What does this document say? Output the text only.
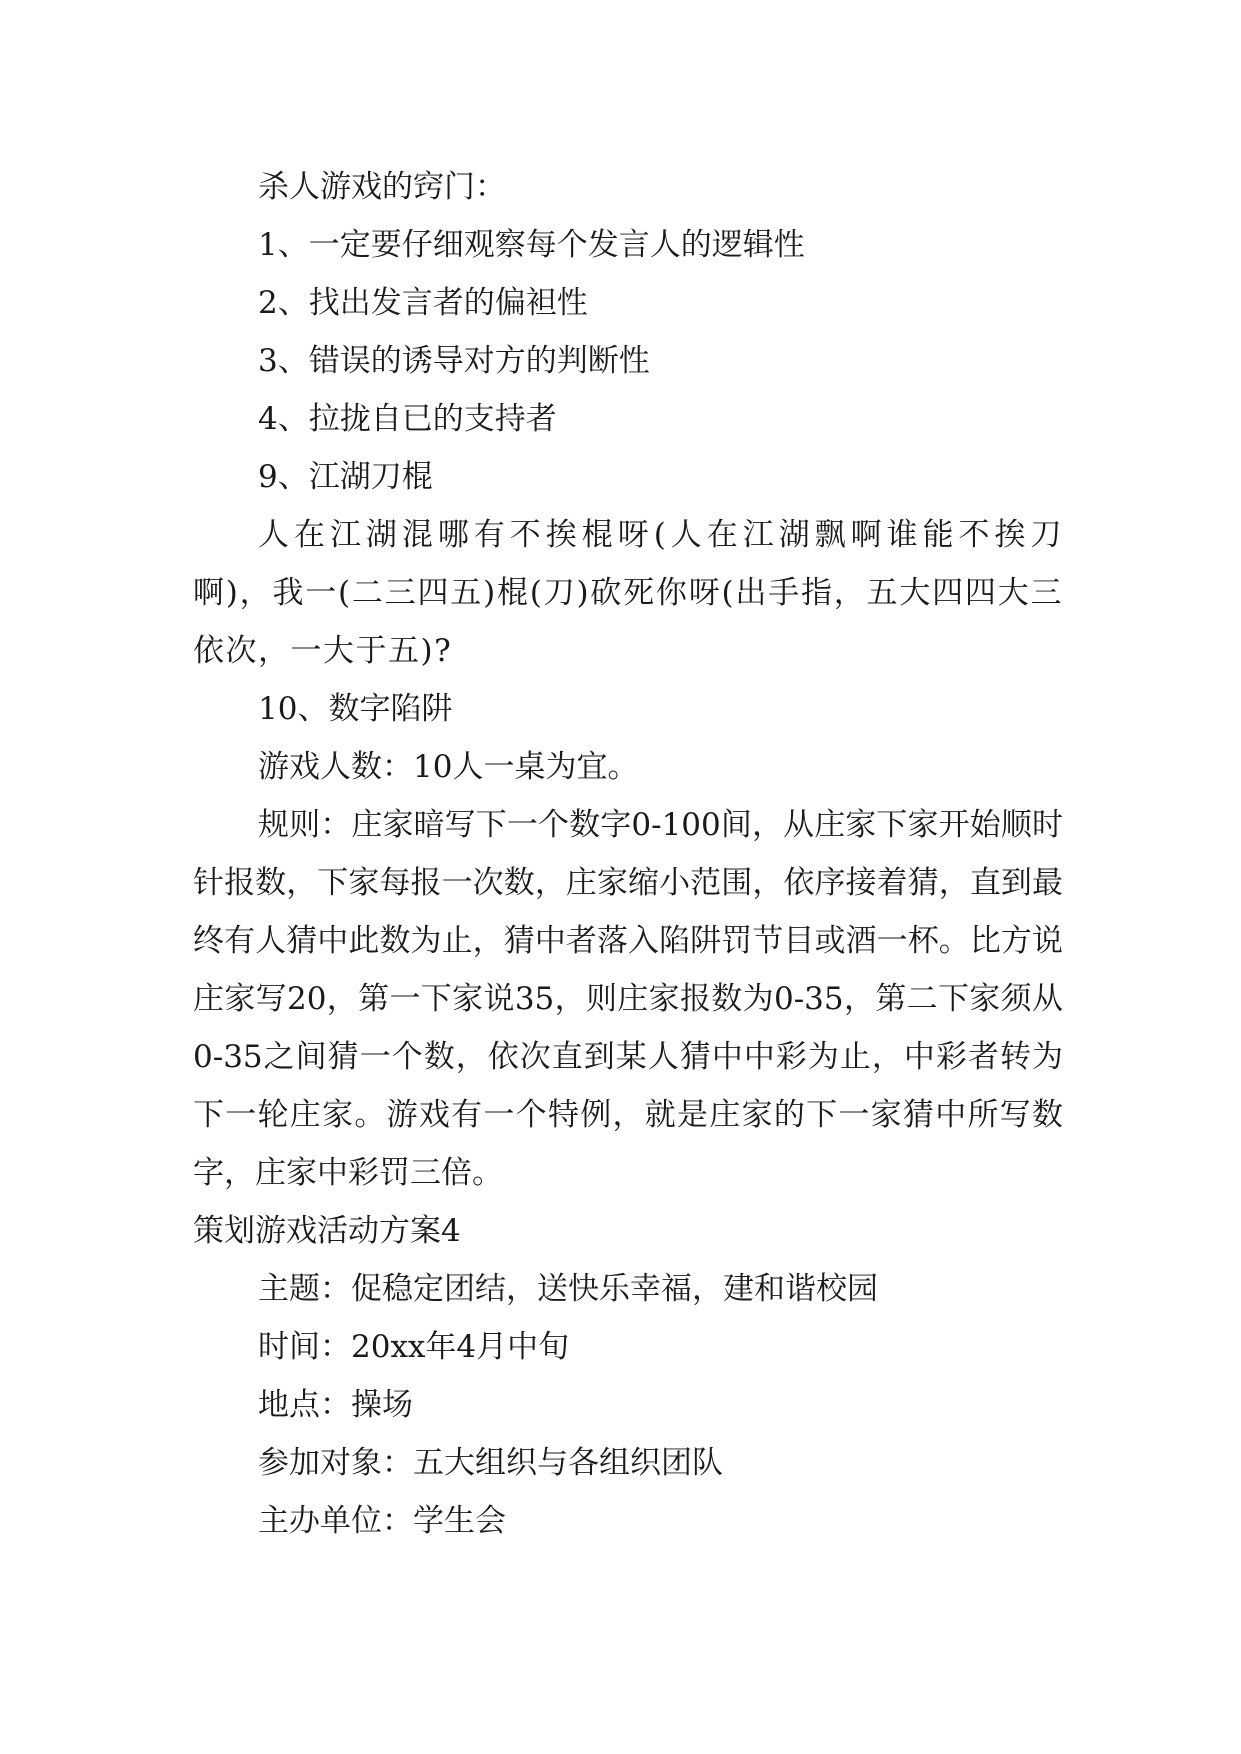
杀人游戏的窍门：

1、一定要仔细观察每个发言人的逻辑性

2、找出发言者的偏袒性

3、错误的诱导对方的判断性

4、拉拢自已的支持者

9、江湖刀棍

人在江湖混哪有不挨棍呀(人在江湖飘啊谁能不挨刀啊)，我一(二三四五)棍(刀)砍死你呀(出手指，五大四四大三依次，一大于五)?

10、数字陷阱

游戏人数：10人一桌为宜。

规则：庄家暗写下一个数字0-100间，从庄家下家开始顺时针报数，下家每报一次数，庄家缩小范围，依序接着猜，直到最终有人猜中此数为止，猜中者落入陷阱罚节目或酒一杯。比方说庄家写20，第一下家说35，则庄家报数为0-35，第二下家须从0-35之间猜一个数，依次直到某人猜中中彩为止，中彩者转为下一轮庄家。游戏有一个特例，就是庄家的下一家猜中所写数字，庄家中彩罚三倍。

策划游戏活动方案4

主题：促稳定团结，送快乐幸福，建和谐校园

时间：20xx年4月中旬

地点：操场

参加对象：五大组织与各组织团队

主办单位：学生会
